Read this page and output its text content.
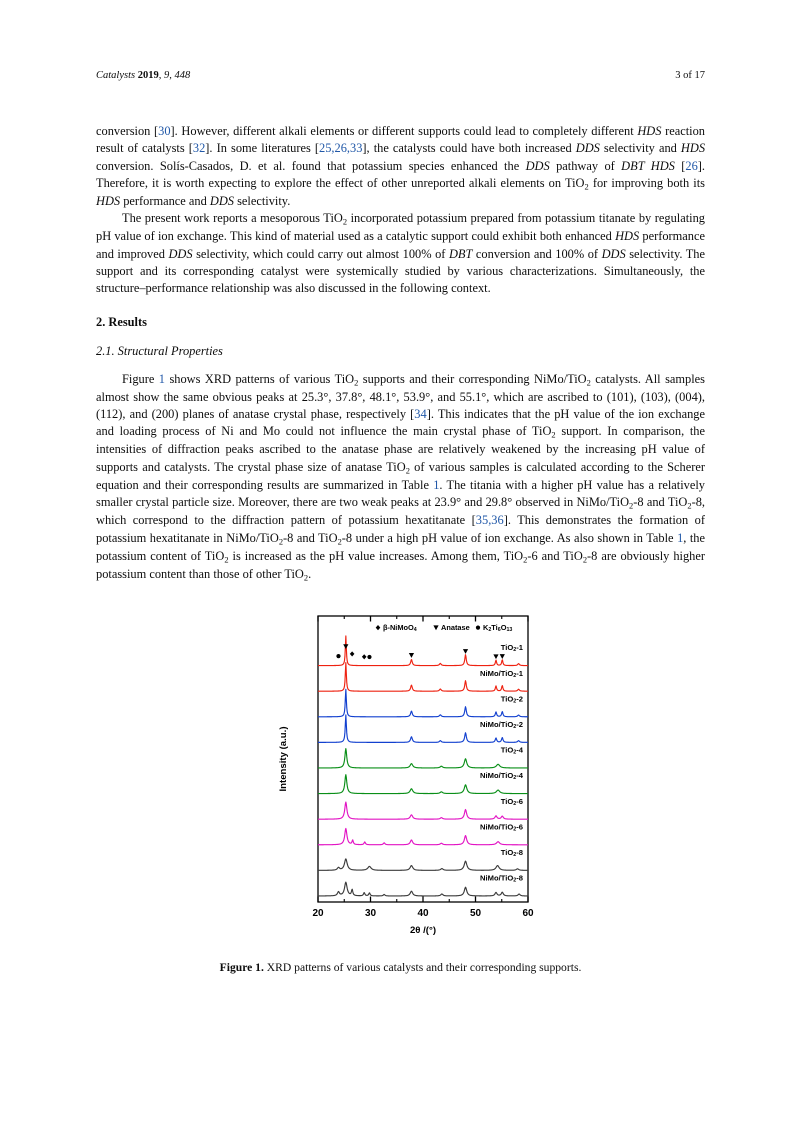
Catalysts 2019, 9, 448	3 of 17

conversion [30]. However, different alkali elements or different supports could lead to completely different HDS reaction result of catalysts [32]. In some literatures [25,26,33], the catalysts could have both increased DDS selectivity and HDS conversion. Solís-Casados, D. et al. found that potassium species enhanced the DDS pathway of DBT HDS [26]. Therefore, it is worth expecting to explore the effect of other unreported alkali elements on TiO$_2$ for improving both its HDS performance and DDS selectivity.

The present work reports a mesoporous TiO$_2$ incorporated potassium prepared from potassium titanate by regulating pH value of ion exchange. This kind of material used as a catalytic support could exhibit both enhanced HDS performance and improved DDS selectivity, which could carry out almost 100% of DBT conversion and 100% of DDS selectivity. The support and its corresponding catalyst were systemically studied by various characterizations. Simultaneously, the structure–performance relationship was also discussed in the following context.

2. Results
2.1. Structural Properties

Figure 1 shows XRD patterns of various TiO$_2$ supports and their corresponding NiMo/TiO$_2$ catalysts. All samples almost show the same obvious peaks at 25.3°, 37.8°, 48.1°, 53.9°, and 55.1°, which are ascribed to (101), (103), (004), (112), and (200) planes of anatase crystal phase, respectively [34]. This indicates that the pH value of the ion exchange and loading process of Ni and Mo could not influence the main crystal phase of TiO$_2$ support. In comparison, the intensities of diffraction peaks ascribed to the anatase phase are relatively weakened by the increasing pH value of supports and catalysts. The crystal phase size of anatase TiO$_2$ of various samples is calculated according to the Scherer equation and their corresponding results are summarized in Table 1. The titania with a higher pH value has a relatively smaller crystal particle size. Moreover, there are two weak peaks at 23.9° and 29.8° observed in NiMo/TiO$_2$-8 and TiO$_2$-8, which correspond to the diffraction pattern of potassium hexatitanate [35,36]. This demonstrates the formation of potassium hexatitanate in NiMo/TiO$_2$-8 and TiO$_2$-8 under a high pH value of ion exchange. As also shown in Table 1, the potassium content of TiO$_2$ is increased as the pH value increases. Among them, TiO$_2$-6 and TiO$_2$-8 are obviously higher potassium content than those of other TiO$_2$.

NiMo/TiO2-8
TiO2-8
NiMo/TiO2-6
TiO2-6
NiMo/TiO2-4
TiO2-4
NiMo/TiO2-2
TiO2-2
NiMo/TiO2-1
TiO2-1
β-NiMoO4	Anatase K2Ti6O13
20	30	40	50	60
2θ /(°)
Intensity (a.u.)
Figure 1. XRD patterns of various catalysts and their corresponding supports.
